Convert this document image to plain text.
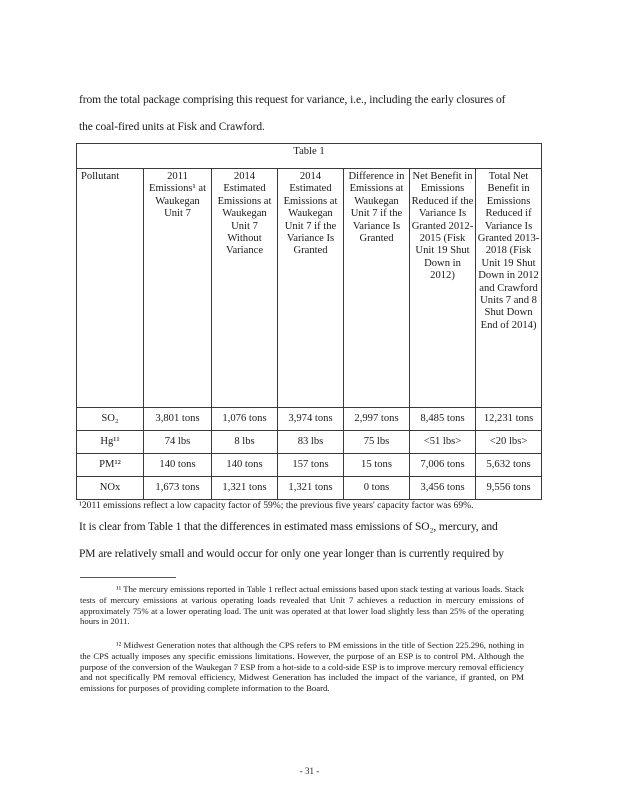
from the total package comprising this request for variance, i.e., including the early closures of
the coal-fired units at Fisk and Crawford.
Table 1						
Pollutant	2011 Emissions¹ at Waukegan Unit 7	2014 Estimated Emissions at Waukegan Unit 7 Without Variance	2014 Estimated Emissions at Waukegan Unit 7 if the Variance Is Granted	Difference in Emissions at Waukegan Unit 7 if the Variance Is Granted	Net Benefit in Emissions Reduced if the Variance Is Granted 2012-2015 (Fisk Unit 19 Shut Down in 2012)	Total Net Benefit in Emissions Reduced if Variance Is Granted 2013-2018 (Fisk Unit 19 Shut Down in 2012 and Crawford Units 7 and 8 Shut Down End of 2014)
SO₂	3,801 tons	1,076 tons	3,974 tons	2,997 tons	8,485 tons	12,231 tons
Hg¹¹	74 lbs	8 lbs	83 lbs	75 lbs	<51 lbs>	<20 lbs>
PM¹²	140 tons	140 tons	157 tons	15 tons	7,006 tons	5,632 tons
NOx	1,673 tons	1,321 tons	1,321 tons	0 tons	3,456 tons	9,556 tons
¹2011 emissions reflect a low capacity factor of 59%; the previous five years' capacity factor was 69%.
It is clear from Table 1 that the differences in estimated mass emissions of SO₂, mercury, and
PM are relatively small and would occur for only one year longer than is currently required by
¹¹ The mercury emissions reported in Table 1 reflect actual emissions based upon stack testing at various loads. Stack tests of mercury emissions at various operating loads revealed that Unit 7 achieves a reduction in mercury emissions of approximately 75% at a lower operating load. The unit was operated at that lower load slightly less than 25% of the operating hours in 2011.
¹² Midwest Generation notes that although the CPS refers to PM emissions in the title of Section 225.296, nothing in the CPS actually imposes any specific emissions limitations. However, the purpose of an ESP is to control PM. Although the purpose of the conversion of the Waukegan 7 ESP from a hot-side to a cold-side ESP is to improve mercury removal efficiency and not specifically PM removal efficiency, Midwest Generation has included the impact of the variance, if granted, on PM emissions for purposes of providing complete information to the Board.
- 31 -
